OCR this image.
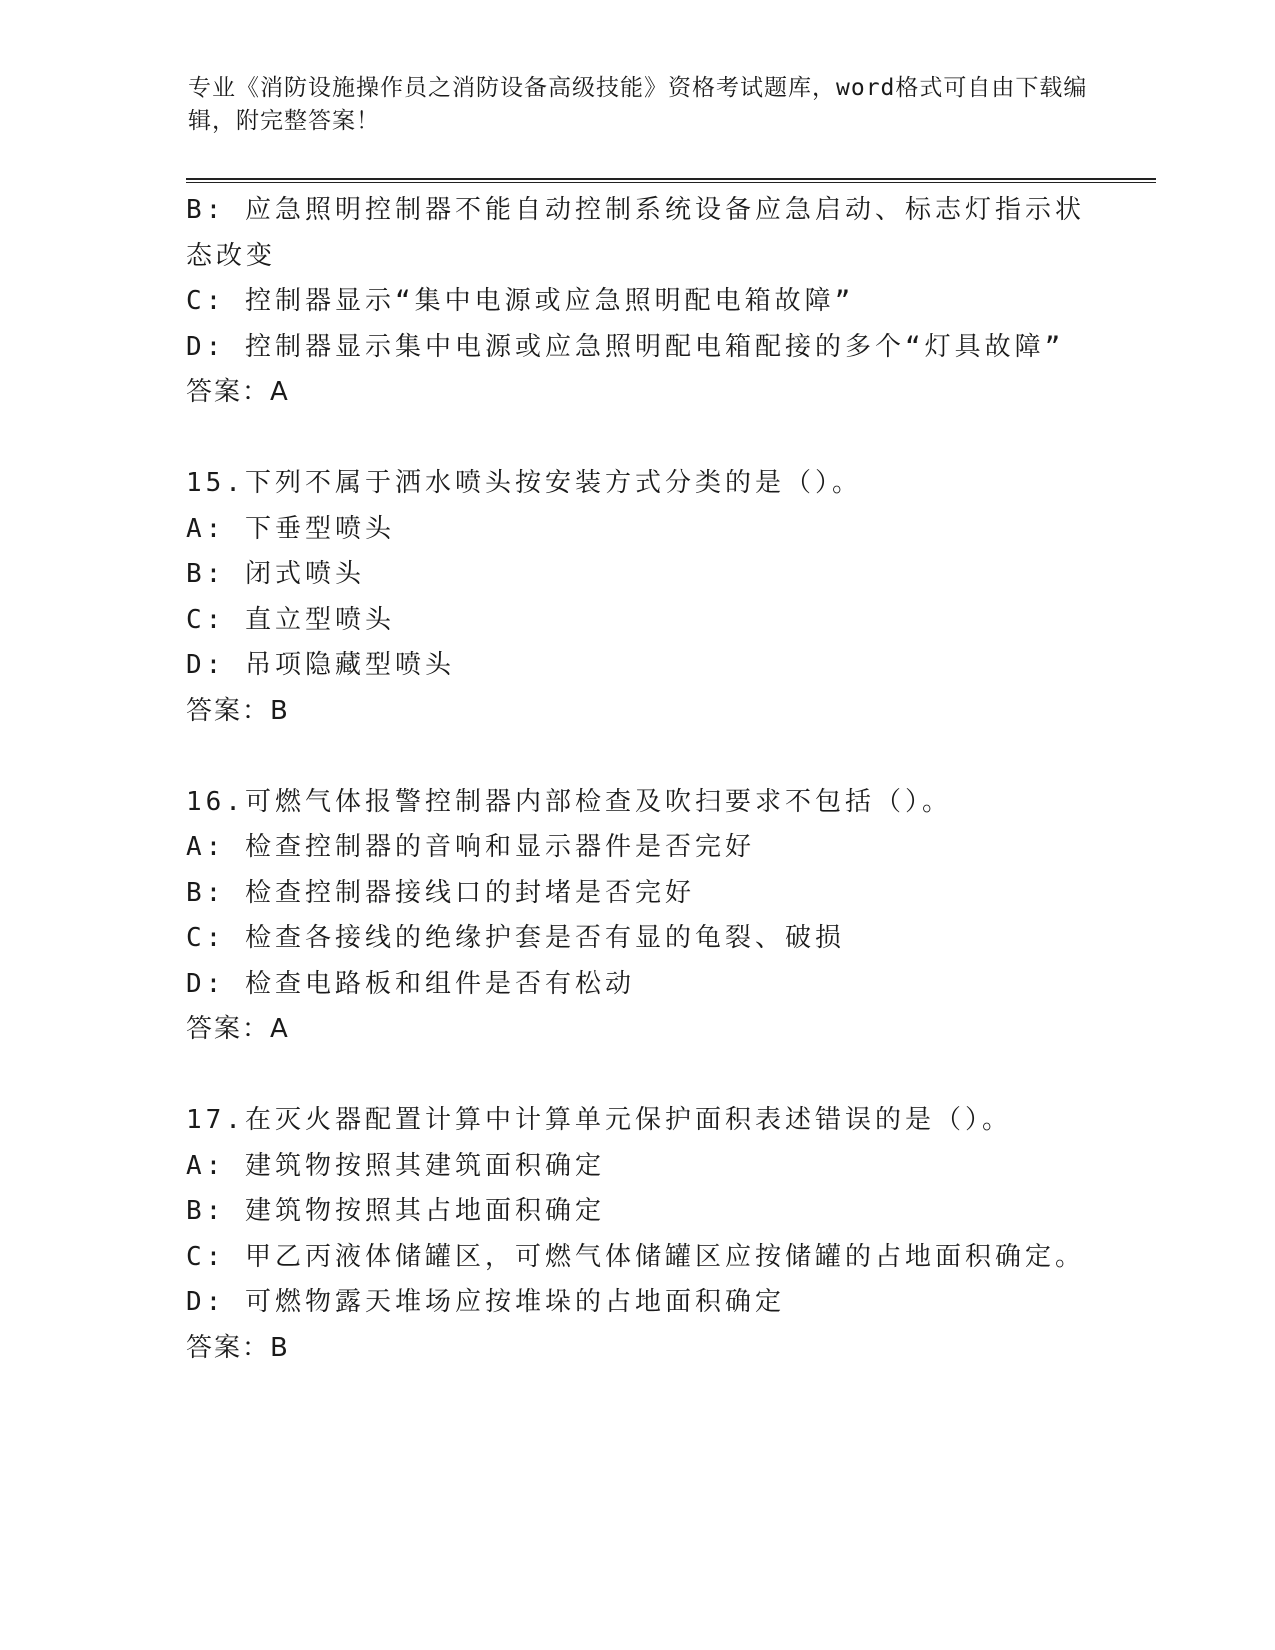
专业《消防设施操作员之消防设备高级技能》资格考试题库，word格式可自由下载编辑，附完整答案！
B: 应急照明控制器不能自动控制系统设备应急启动、标志灯指示状态改变
C: 控制器显示“集中电源或应急照明配电箱故障”
D: 控制器显示集中电源或应急照明配电箱配接的多个“灯具故障”
答案：A
15.下列不属于洒水喷头按安装方式分类的是（）。
A: 下垂型喷头
B: 闭式喷头
C: 直立型喷头
D: 吊项隐藏型喷头
答案：B
16.可燃气体报警控制器内部检查及吹扫要求不包括（）。
A: 检查控制器的音响和显示器件是否完好
B: 检查控制器接线口的封堵是否完好
C: 检查各接线的绝缘护套是否有显的龟裂、破损
D: 检查电路板和组件是否有松动
答案：A
17.在灭火器配置计算中计算单元保护面积表述错误的是（）。
A: 建筑物按照其建筑面积确定
B: 建筑物按照其占地面积确定
C: 甲乙丙液体储罐区，可燃气体储罐区应按储罐的占地面积确定。
D: 可燃物露天堆场应按堆垛的占地面积确定
答案：B
